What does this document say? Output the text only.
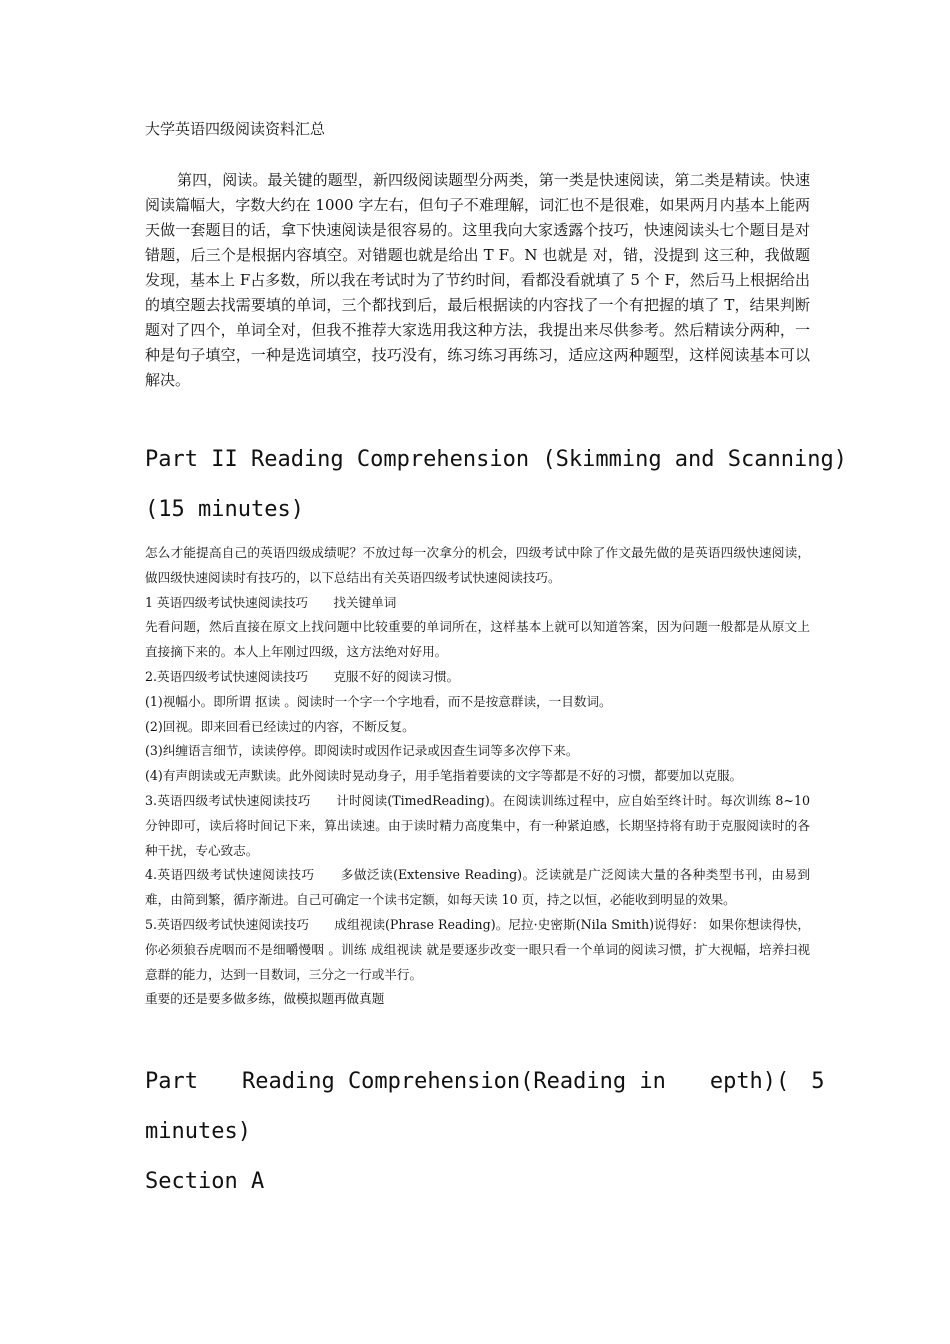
大学英语四级阅读资料汇总

第四，阅读。最关键的题型，新四级阅读题型分两类，第一类是快速阅读，第二类是精读。快速阅读篇幅大，字数大约在 1000 字左右，但句子不难理解，词汇也不是很难，如果两月内基本上能两天做一套题目的话，拿下快速阅读是很容易的。这里我向大家透露个技巧，快速阅读头七个题目是对错题，后三个是根据内容填空。对错题也就是给出 T F。N 也就是 对，错，没提到 这三种，我做题发现，基本上 F占多数，所以我在考试时为了节约时间，看都没看就填了 5 个 F，然后马上根据给出的填空题去找需要填的单词，三个都找到后，最后根据读的内容找了一个有把握的填了 T，结果判断题对了四个，单词全对，但我不推荐大家选用我这种方法，我提出来尽供参考。然后精读分两种，一种是句子填空，一种是选词填空，技巧没有，练习练习再练习，适应这两种题型，这样阅读基本可以解决。

Part II Reading Comprehension (Skimming and Scanning)
(15 minutes)

怎么才能提高自己的英语四级成绩呢？不放过每一次拿分的机会，四级考试中除了作文最先做的是英语四级快速阅读，做四级快速阅读时有技巧的，以下总结出有关英语四级考试快速阅读技巧。

1 英语四级考试快速阅读技巧　　找关键单词

先看问题，然后直接在原文上找问题中比较重要的单词所在，这样基本上就可以知道答案，因为问题一般都是从原文上直接摘下来的。本人上年刚过四级，这方法绝对好用。

2.英语四级考试快速阅读技巧　　克服不好的阅读习惯。

(1)视幅小。即所谓 抠读 。阅读时一个字一个字地看，而不是按意群读，一目数词。

(2)回视。即来回看已经读过的内容，不断反复。

(3)纠缠语言细节，读读停停。即阅读时或因作记录或因查生词等多次停下来。

(4)有声朗读或无声默读。此外阅读时晃动身子，用手笔指着要读的文字等都是不好的习惯，都要加以克服。

3.英语四级考试快速阅读技巧　　计时阅读(TimedReading)。在阅读训练过程中，应自始至终计时。每次训练 8~10 分钟即可，读后将时间记下来，算出读速。由于读时精力高度集中，有一种紧迫感，长期坚持将有助于克服阅读时的各种干扰，专心致志。

4.英语四级考试快速阅读技巧　　多做泛读(Extensive Reading)。泛读就是广泛阅读大量的各种类型书刊，由易到难，由简到繁，循序渐进。自己可确定一个读书定额，如每天读 10 页，持之以恒，必能收到明显的效果。

5.英语四级考试快速阅读技巧　　成组视读(Phrase Reading)。尼拉·史密斯(Nila Smith)说得好： 如果你想读得快，你必须狼吞虎咽而不是细嚼慢咽 。训练 成组视读 就是要逐步改变一眼只看一个单词的阅读习惯，扩大视幅，培养扫视意群的能力，达到一目数词，三分之一行或半行。

重要的还是要多做多练，做模拟题再做真题

Part　　Reading Comprehension(Reading in　　epth)(　5
minutes)
Section A
